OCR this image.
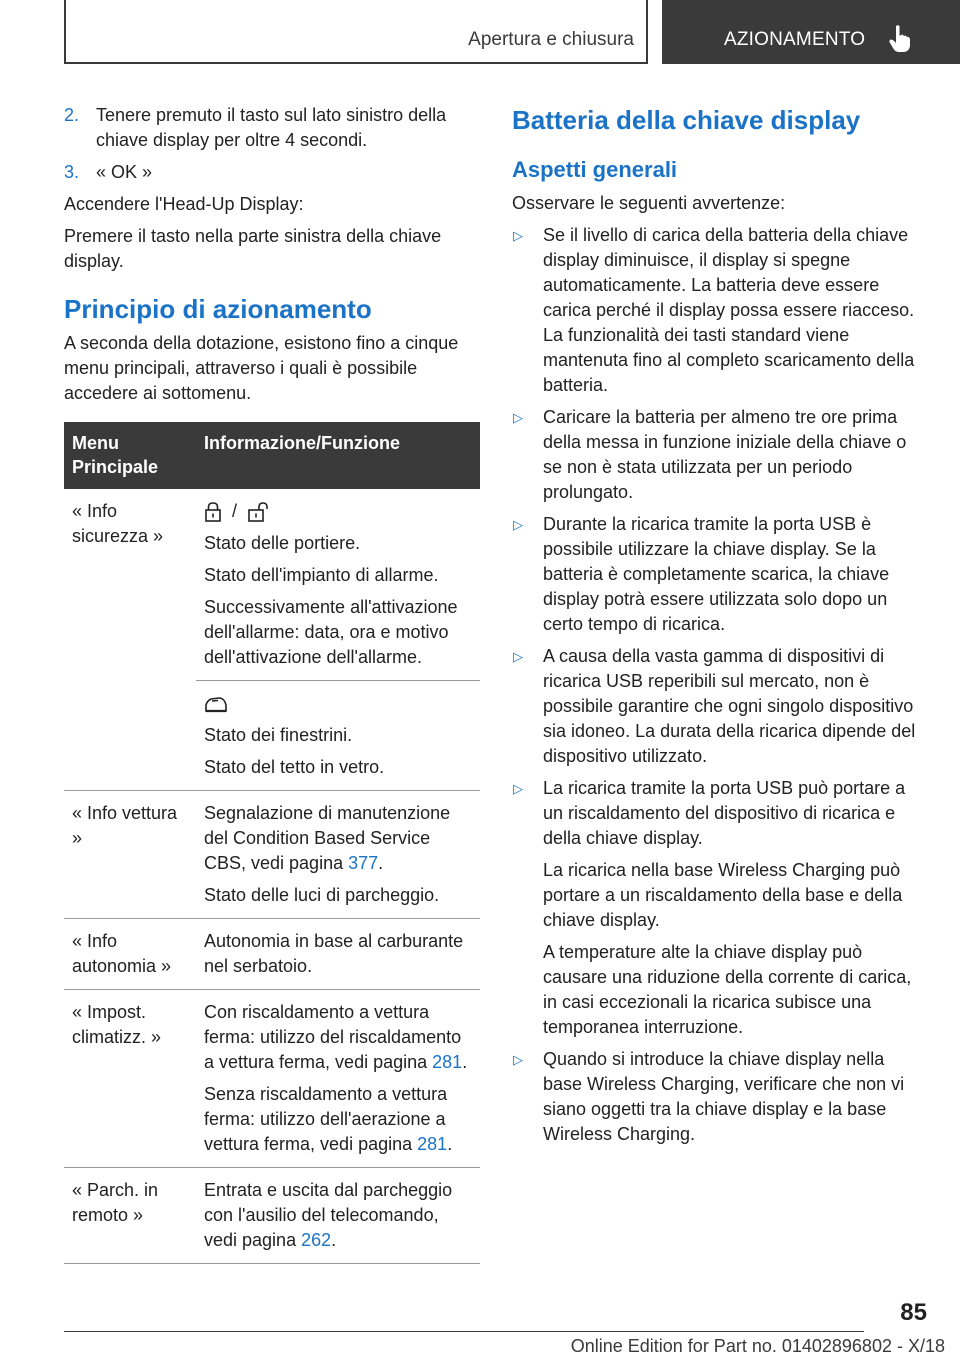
Apertura e chiusura	AZIONAMENTO
2. Tenere premuto il tasto sul lato sinistro della chiave display per oltre 4 secondi.
3. « OK »

Accendere l'Head-Up Display:

Premere il tasto nella parte sinistra della chiave display.

Principio di azionamento

A seconda della dotazione, esistono fino a cinque menu principali, attraverso i quali è possibile accedere ai sottomenu.

Menu Principale	Informazione/Funzione
« Info sicurezza »	/

Stato delle portiere.

Stato dell'impianto di allarme.

Successivamente all'attivazione dell'allarme: data, ora e motivo dell'attivazione dell'allarme.

	Stato dei finestrini.

Stato del tetto in vetro.

« Info vettura »	Segnalazione di manutenzione del Condition Based Service CBS, vedi pagina 377.

Stato delle luci di parcheggio.

« Info autonomia »	Autonomia in base al carburante nel serbatoio.

« Impost. climatizz. »	Con riscaldamento a vettura ferma: utilizzo del riscaldamento a vettura ferma, vedi pagina 281.

Senza riscaldamento a vettura ferma: utilizzo dell'aerazione a vettura ferma, vedi pagina 281.

« Parch. in remoto »	Entrata e uscita dal parcheggio con l'ausilio del telecomando, vedi pagina 262.

Batteria della chiave display
Aspetti generali

Osservare le seguenti avvertenze:

▷	Se il livello di carica della batteria della chiave display diminuisce, il display si spegne automaticamente. La batteria deve essere carica perché il display possa essere riacceso. La funzionalità dei tasti standard viene mantenuta fino al completo scaricamento della batteria.

▷	Caricare la batteria per almeno tre ore prima della messa in funzione iniziale della chiave o se non è stata utilizzata per un periodo prolungato.

▷	Durante la ricarica tramite la porta USB è possibile utilizzare la chiave display. Se la batteria è completamente scarica, la chiave display potrà essere utilizzata solo dopo un certo tempo di ricarica.

▷	A causa della vasta gamma di dispositivi di ricarica USB reperibili sul mercato, non è possibile garantire che ogni singolo dispositivo sia idoneo. La durata della ricarica dipende del dispositivo utilizzato.

▷	La ricarica tramite la porta USB può portare a un riscaldamento del dispositivo di ricarica e della chiave display.

La ricarica nella base Wireless Charging può portare a un riscaldamento della base e della chiave display.

A temperature alte la chiave display può causare una riduzione della corrente di carica, in casi eccezionali la ricarica subisce una temporanea interruzione.

▷	Quando si introduce la chiave display nella base Wireless Charging, verificare che non vi siano oggetti tra la chiave display e la base Wireless Charging.

85
Online Edition for Part no. 01402896802 - X/18
